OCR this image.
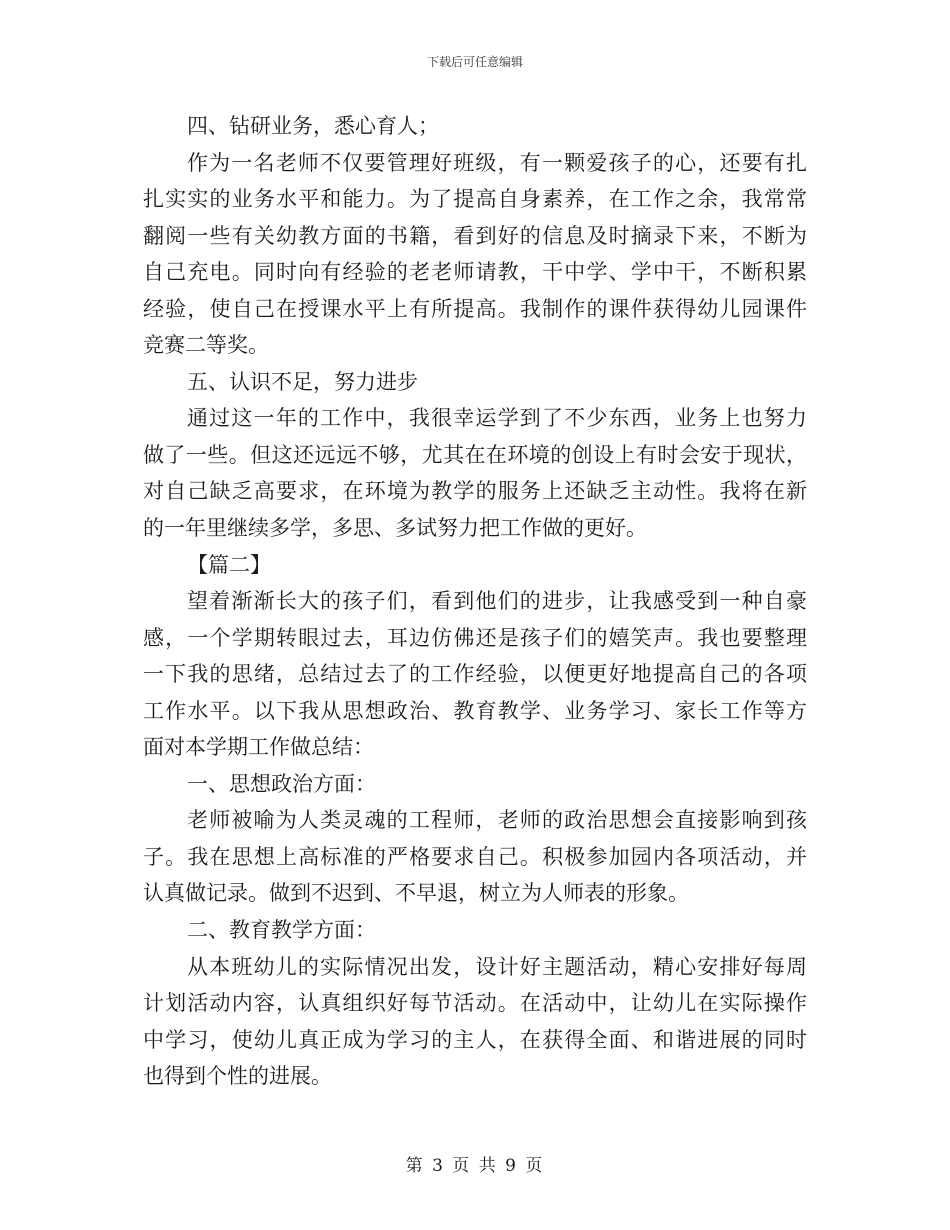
下载后可任意编辑
四、钻研业务，悉心育人；
作为一名老师不仅要管理好班级，有一颗爱孩子的心，还要有扎
扎实实的业务水平和能力。为了提高自身素养，在工作之余，我常常
翻阅一些有关幼教方面的书籍，看到好的信息及时摘录下来，不断为
自己充电。同时向有经验的老老师请教，干中学、学中干，不断积累
经验，使自己在授课水平上有所提高。我制作的课件获得幼儿园课件
竞赛二等奖。
五、认识不足，努力进步
通过这一年的工作中，我很幸运学到了不少东西，业务上也努力
做了一些。但这还远远不够，尤其在在环境的创设上有时会安于现状，
对自己缺乏高要求，在环境为教学的服务上还缺乏主动性。我将在新
的一年里继续多学，多思、多试努力把工作做的更好。
【篇二】
望着渐渐长大的孩子们，看到他们的进步，让我感受到一种自豪
感，一个学期转眼过去，耳边仿佛还是孩子们的嬉笑声。我也要整理
一下我的思绪，总结过去了的工作经验，以便更好地提高自己的各项
工作水平。以下我从思想政治、教育教学、业务学习、家长工作等方
面对本学期工作做总结：
一、思想政治方面：
老师被喻为人类灵魂的工程师，老师的政治思想会直接影响到孩
子。我在思想上高标准的严格要求自己。积极参加园内各项活动，并
认真做记录。做到不迟到、不早退，树立为人师表的形象。
二、教育教学方面：
从本班幼儿的实际情况出发，设计好主题活动，精心安排好每周
计划活动内容，认真组织好每节活动。在活动中，让幼儿在实际操作
中学习，使幼儿真正成为学习的主人，在获得全面、和谐进展的同时
也得到个性的进展。
第 3 页 共 9 页
